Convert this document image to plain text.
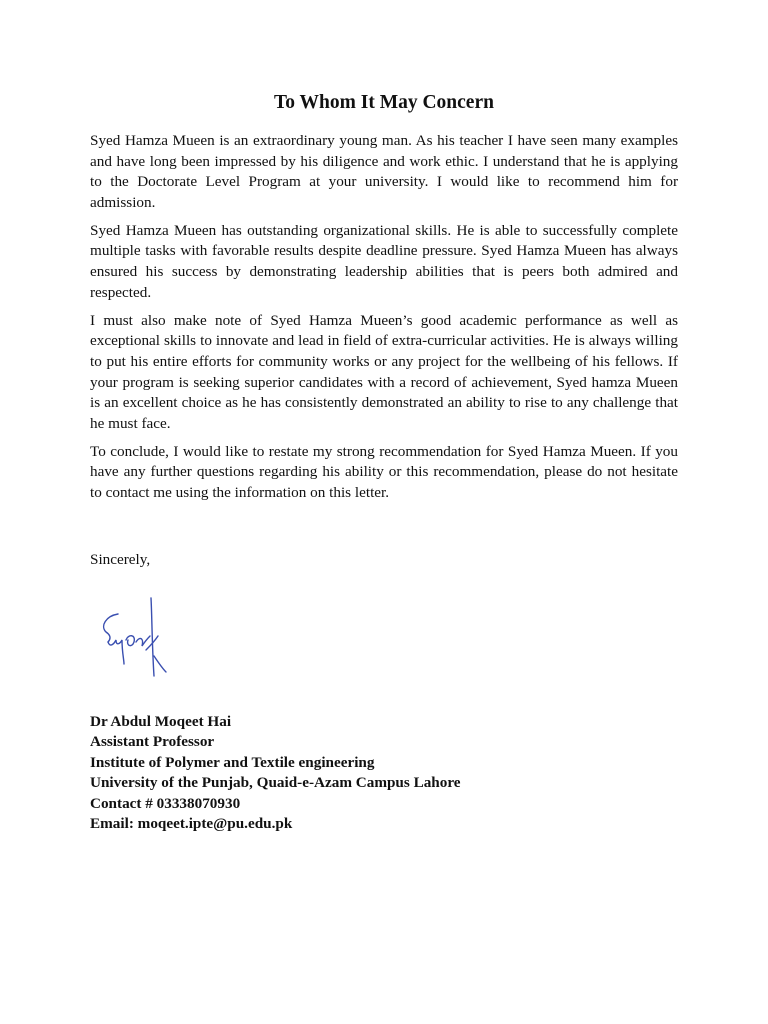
To Whom It May Concern

Syed Hamza Mueen is an extraordinary young man. As his teacher I have seen many examples and have long been impressed by his diligence and work ethic. I understand that he is applying to the Doctorate Level Program at your university. I would like to recommend him for admission.

Syed Hamza Mueen has outstanding organizational skills. He is able to successfully complete multiple tasks with favorable results despite deadline pressure. Syed Hamza Mueen has always ensured his success by demonstrating leadership abilities that is peers both admired and respected.

I must also make note of Syed Hamza Mueen’s good academic performance as well as exceptional skills to innovate and lead in field of extra-curricular activities. He is always willing to put his entire efforts for community works or any project for the wellbeing of his fellows. If your program is seeking superior candidates with a record of achievement, Syed hamza Mueen is an excellent choice as he has consistently demonstrated an ability to rise to any challenge that he must face.

To conclude, I would like to restate my strong recommendation for Syed Hamza Mueen. If you have any further questions regarding his ability or this recommendation, please do not hesitate to contact me using the information on this letter.

Sincerely,
Dr Abdul Moqeet Hai
Assistant Professor
Institute of Polymer and Textile engineering
University of the Punjab, Quaid-e-Azam Campus Lahore
Contact # 03338070930
Email: moqeet.ipte@pu.edu.pk
